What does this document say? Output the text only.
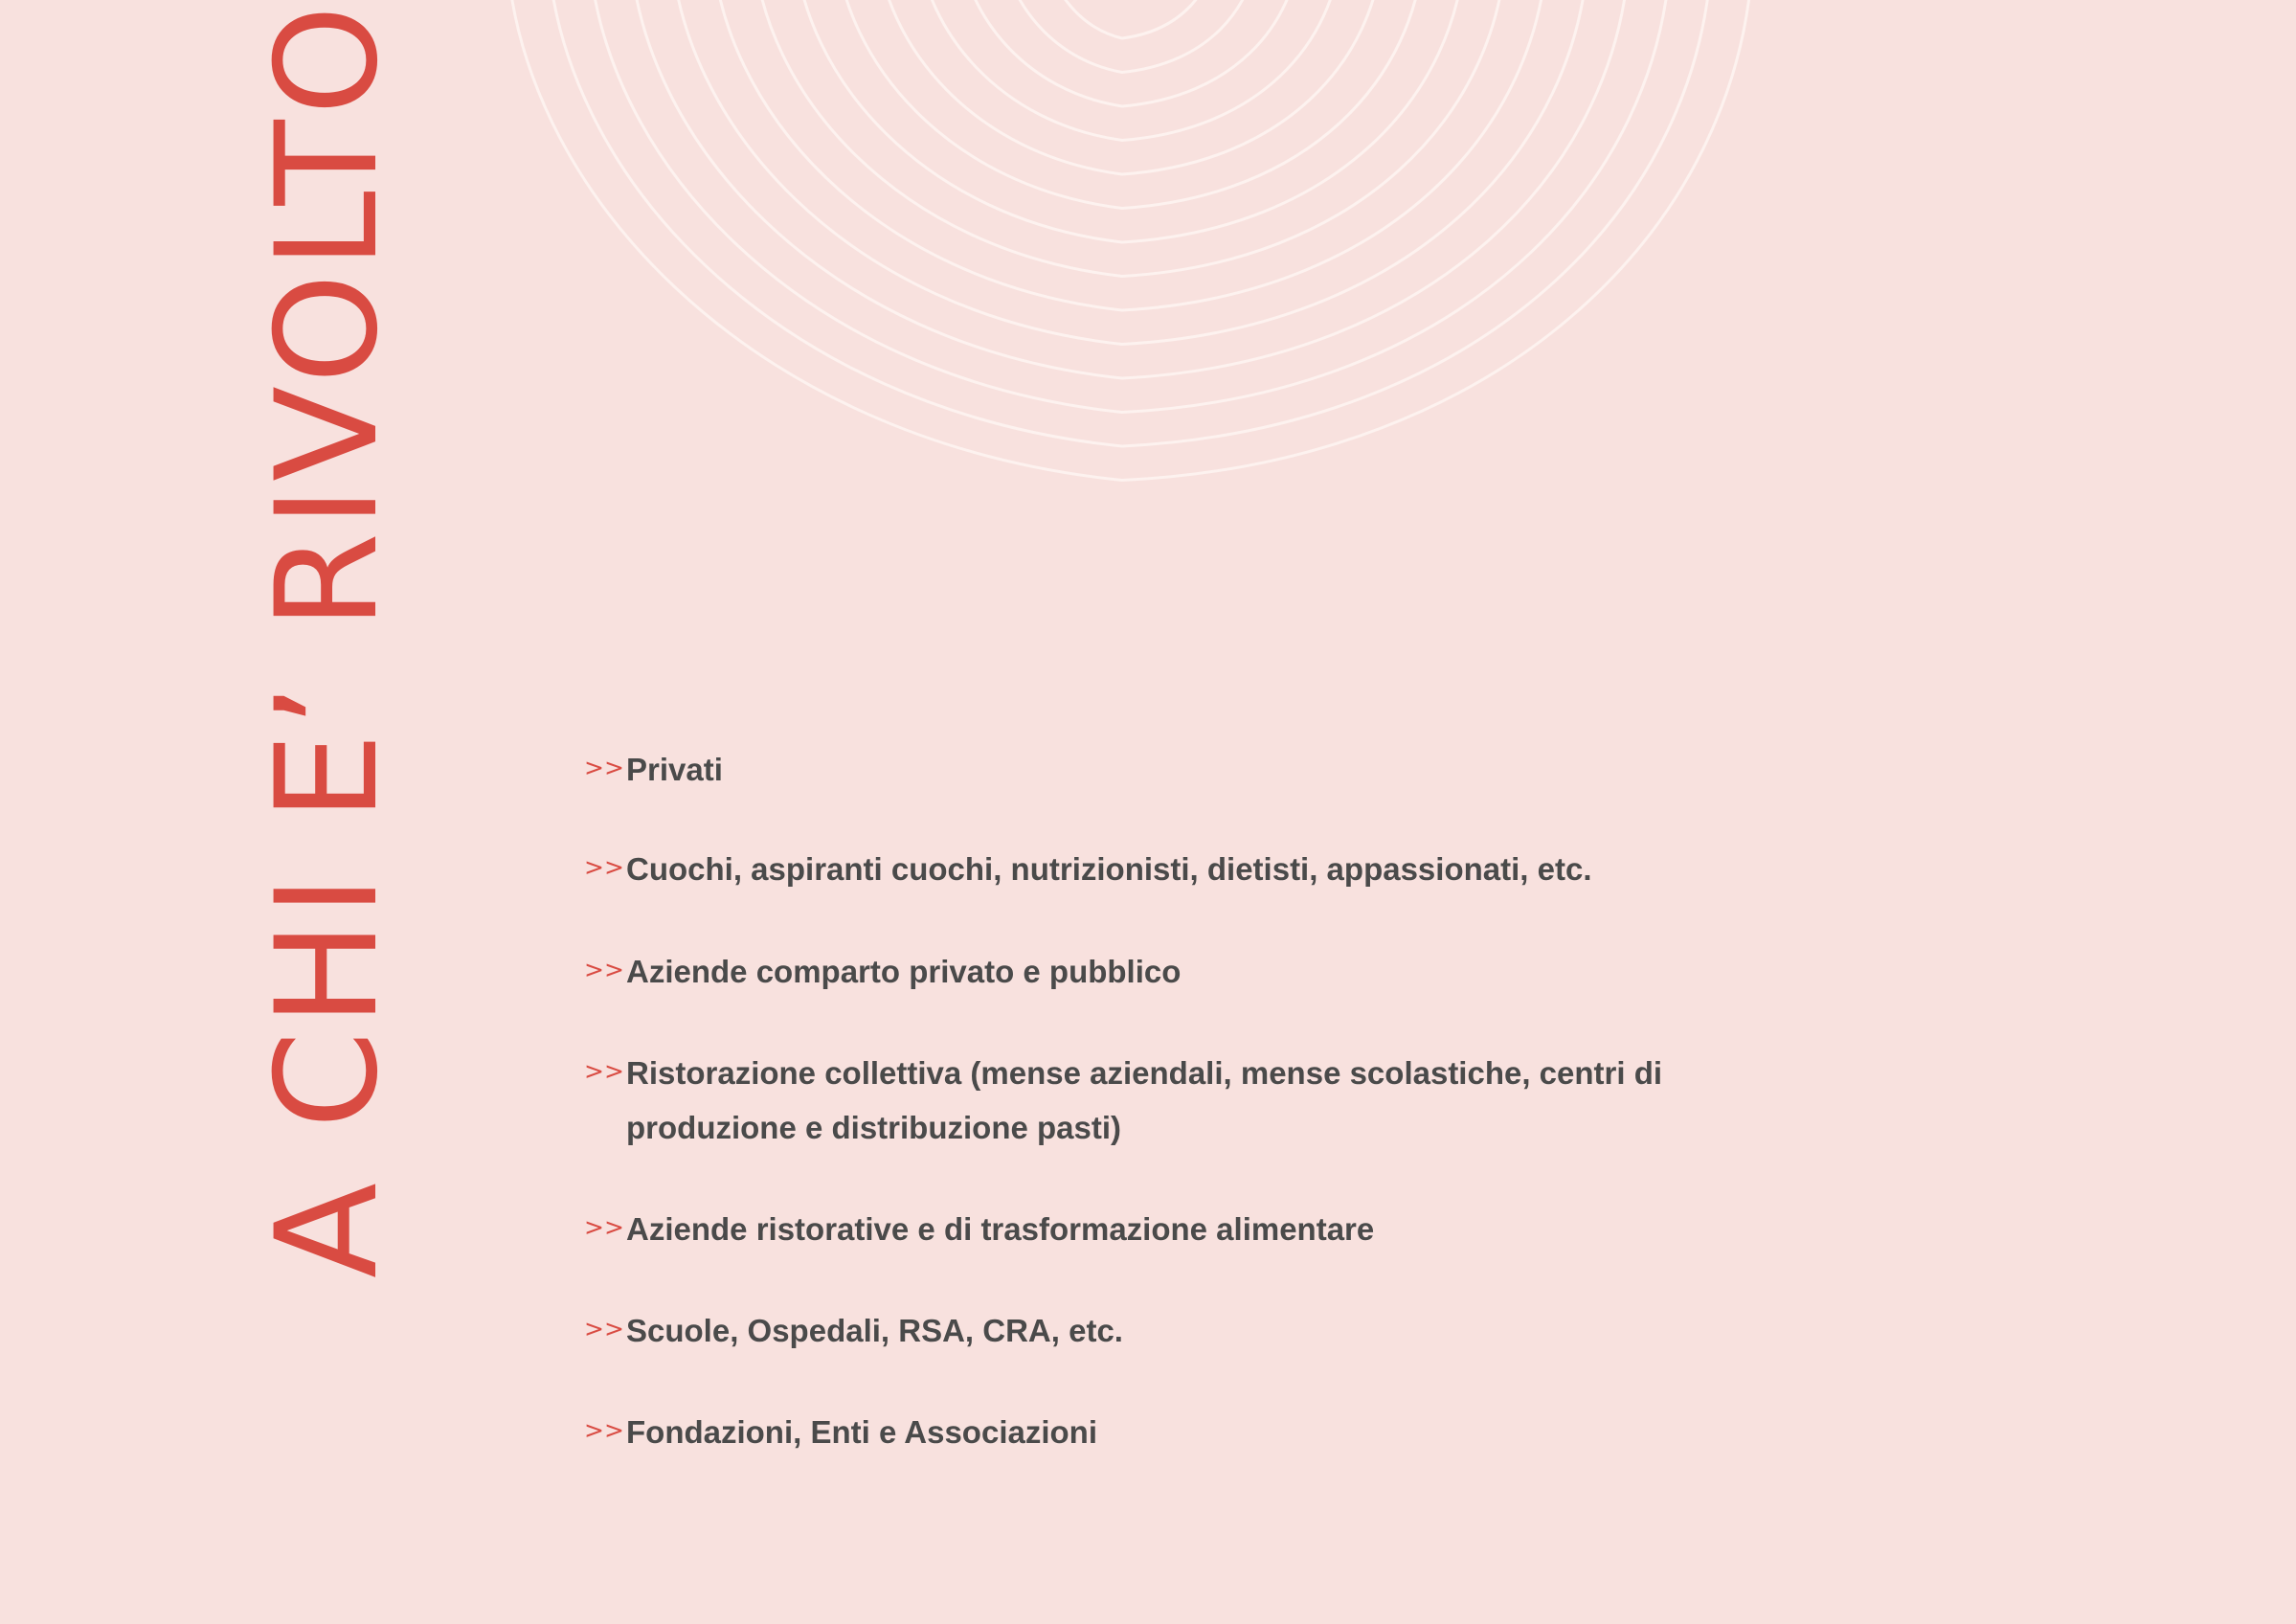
A CHI E’ RIVOLTO	>> Privati
>> Cuochi, aspiranti cuochi, nutrizionisti, dietisti, appassionati, etc.
>> Aziende comparto privato e pubblico
>> Ristorazione collettiva (mense aziendali, mense scolastiche, centri di produzione e distribuzione pasti)
>> Aziende ristorative e di trasformazione alimentare
>> Scuole, Ospedali, RSA, CRA, etc.
>> Fondazioni, Enti e Associazioni
